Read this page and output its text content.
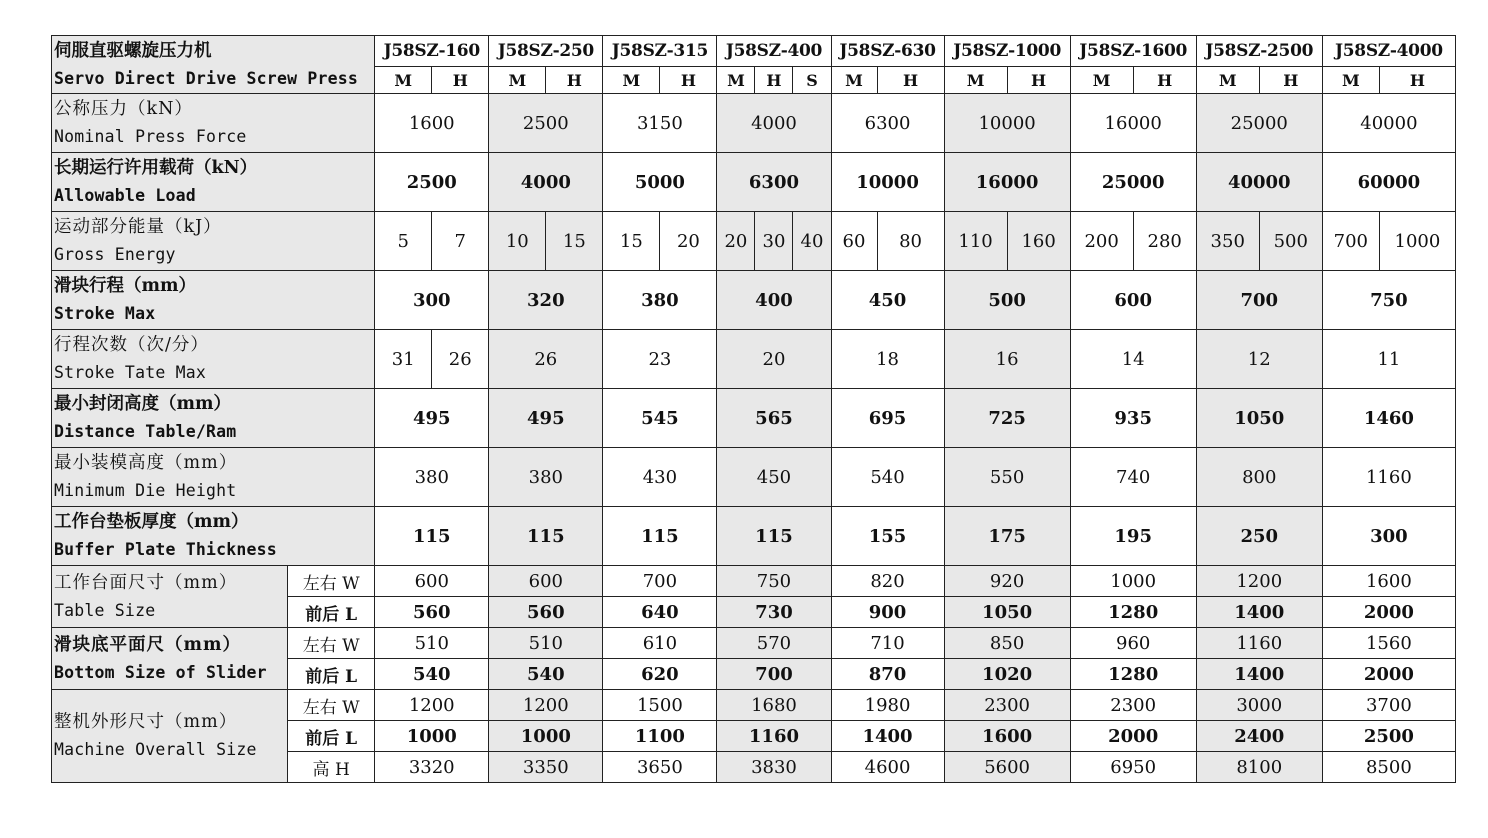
伺服直驱螺旋压力机
Servo Direct Drive Screw Press		J58SZ-160		J58SZ-250		J58SZ-315		J58SZ-400			J58SZ-630		J58SZ-1000		J58SZ-1600		J58SZ-2500		J58SZ-4000	
		M	H	M	H	M	H	M	H	S	M	H	M	H	M	H	M	H	M	H

公称压力（kN）
Nominal Press Force		1600		2500		3150		4000			6300		10000		16000		25000		40000	

长期运行许用载荷（kN）
Allowable Load		2500		4000		5000		6300			10000		16000		25000		40000		60000	

运动部分能量（kJ）
Gross Energy		5	7	10	15	15	20	20	30	40	60	80	110	160	200	280	350	500	700	1000

滑块行程（mm）
Stroke Max		300		320		380		400			450		500		600		700		750	

行程次数（次/分）
Stroke Tate Max		31	26	26		23		20			18		16		14		12		11	

最小封闭高度（mm）
Distance Table/Ram		495		495		545		565			695		725		935		1050		1460	

最小装模高度（mm）
Minimum Die Height		380		380		430		450			540		550		740		800		1160	

工作台垫板厚度（mm）
Buffer Plate Thickness		115		115		115		115			155		175		195		250		300	

工作台面尺寸（mm）
Table Size	左右 W	600		600		700		750			820		920		1000		1200		1600	
	前后 L	560		560		640		730			900		1050		1280		1400		2000	

滑块底平面尺（mm）
Bottom Size of Slider	左右 W	510		510		610		570			710		850		960		1160		1560	
	前后 L	540		540		620		700			870		1020		1280		1400		2000	

整机外形尺寸（mm）
Machine Overall Size	左右 W	1200		1200		1500		1680			1980		2300		2300		3000		3700	
	前后 L	1000		1000		1100		1160			1400		1600		2000		2400		2500	
	高 H	3320		3350		3650		3830			4600		5600		6950		8100		8500	
